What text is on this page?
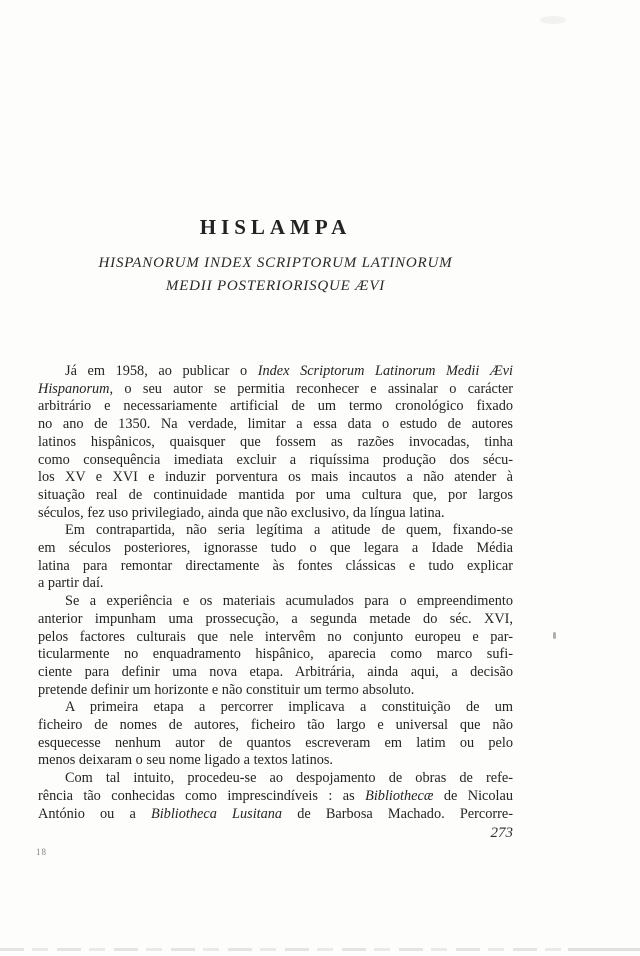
HISLAMPA
HISPANORUM INDEX SCRIPTORUM LATINORUM
MEDII POSTERIORISQUE ÆVI
Já em 1958, ao publicar o Index Scriptorum Latinorum Medii Ævi
Hispanorum, o seu autor se permitia reconhecer e assinalar o carácter
arbitrário e necessariamente artificial de um termo cronológico fixado
no ano de 1350. Na verdade, limitar a essa data o estudo de autores
latinos hispânicos, quaisquer que fossem as razões invocadas, tinha
como consequência imediata excluir a riquíssima produção dos sécu-
los XV e XVI e induzir porventura os mais incautos a não atender à
situação real de continuidade mantida por uma cultura que, por largos
séculos, fez uso privilegiado, ainda que não exclusivo, da língua latina.
Em contrapartida, não seria legítima a atitude de quem, fixando-se
em séculos posteriores, ignorasse tudo o que legara a Idade Média
latina para remontar directamente às fontes clássicas e tudo explicar
a partir daí.
Se a experiência e os materiais acumulados para o empreendimento
anterior impunham uma prossecução, a segunda metade do séc. XVI,
pelos factores culturais que nele intervêm no conjunto europeu e par-
ticularmente no enquadramento hispânico, aparecia como marco sufi-
ciente para definir uma nova etapa. Arbitrária, ainda aqui, a decisão
pretende definir um horizonte e não constituir um termo absoluto.
A primeira etapa a percorrer implicava a constituição de um
ficheiro de nomes de autores, ficheiro tão largo e universal que não
esquecesse nenhum autor de quantos escreveram em latim ou pelo
menos deixaram o seu nome ligado a textos latinos.
Com tal intuito, procedeu-se ao despojamento de obras de refe-
rência tão conhecidas como imprescindíveis : as Bibliothecæ de Nicolau
António ou a Bibliotheca Lusitana de Barbosa Machado. Percorre-
273
18
